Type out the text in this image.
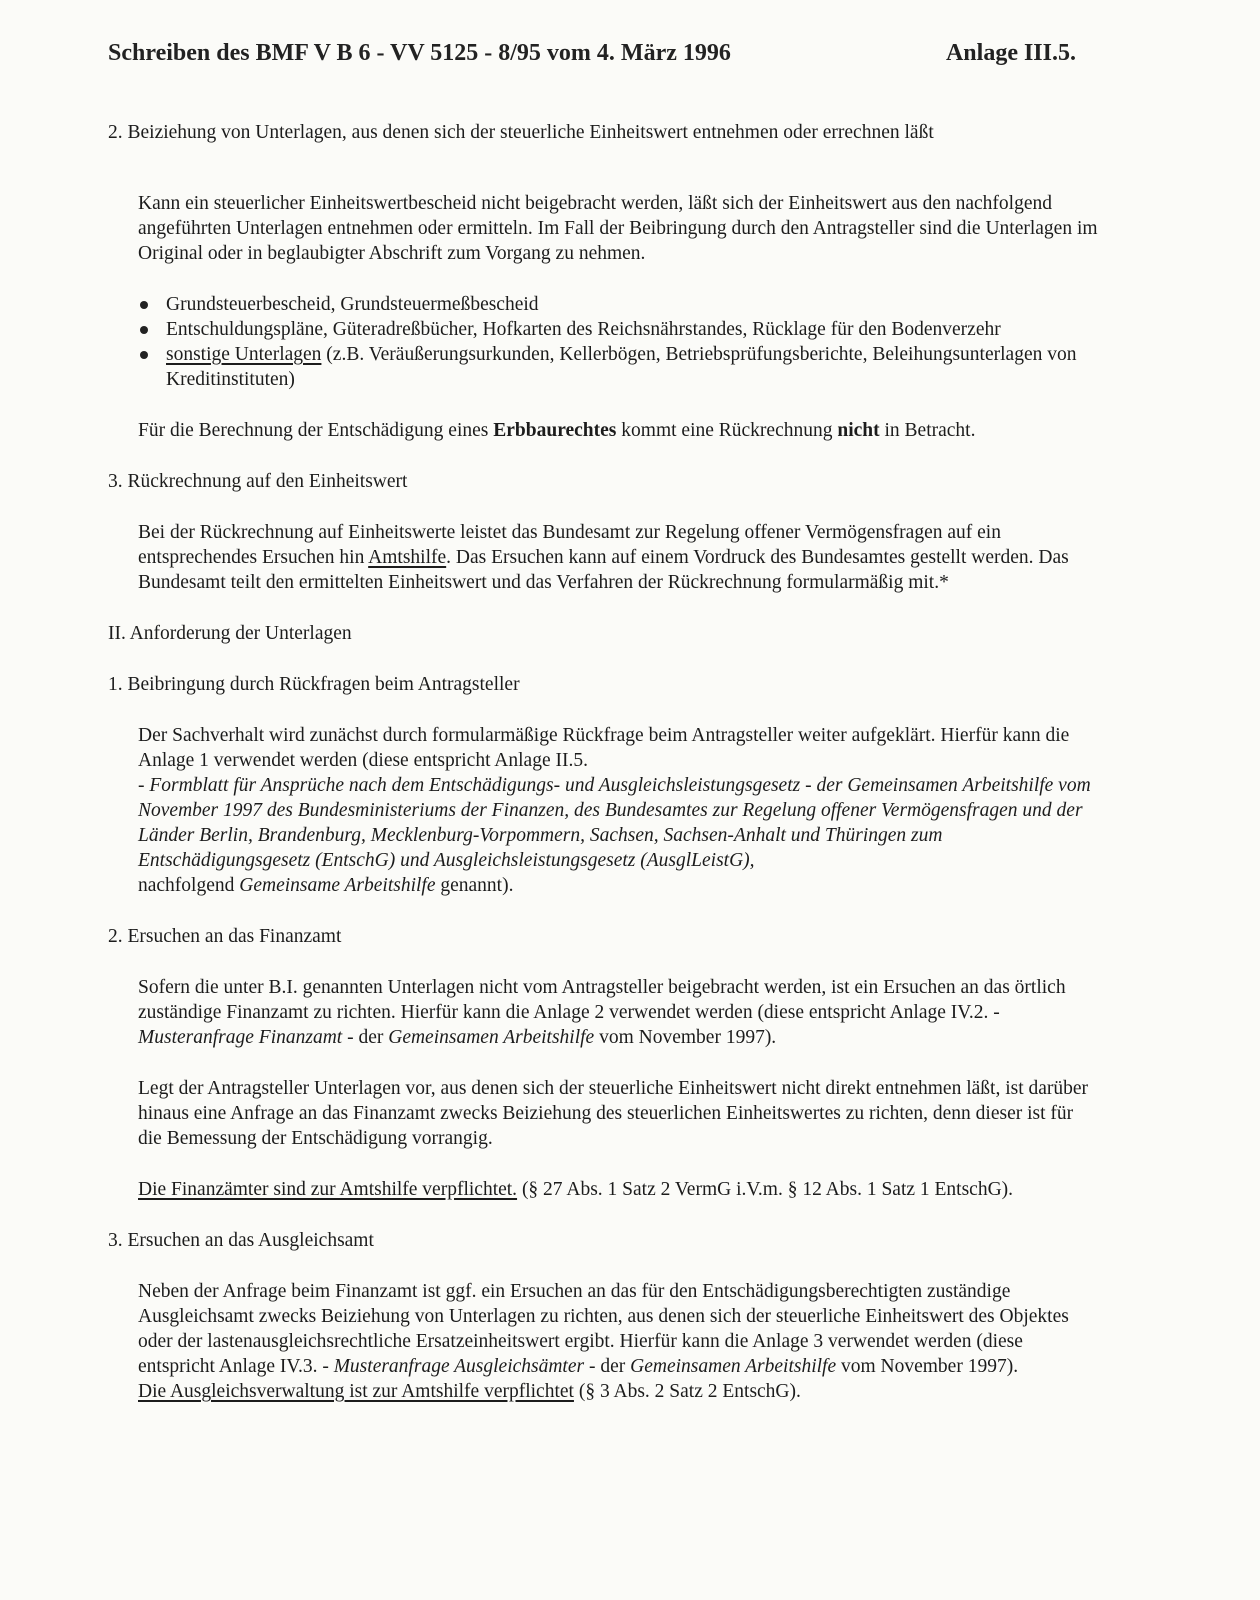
Schreiben des BMF V B 6 - VV 5125 - 8/95 vom 4. März 1996	Anlage III.5.

2. Beiziehung von Unterlagen, aus denen sich der steuerliche Einheitswert entnehmen oder errechnen läßt

Kann ein steuerlicher Einheitswertbescheid nicht beigebracht werden, läßt sich der Einheitswert aus den nachfolgend angeführten Unterlagen entnehmen oder ermitteln. Im Fall der Beibringung durch den Antragsteller sind die Unterlagen im Original oder in beglaubigter Abschrift zum Vorgang zu nehmen.

Grundsteuerbescheid, Grundsteuermeßbescheid
Entschuldungspläne, Güteradreßbücher, Hofkarten des Reichsnährstandes, Rücklage für den Bodenverzehr
sonstige Unterlagen (z.B. Veräußerungsurkunden, Kellerbögen, Betriebsprüfungsberichte, Beleihungsunterlagen von Kreditinstituten)

Für die Berechnung der Entschädigung eines Erbbaurechtes kommt eine Rückrechnung nicht in Betracht.

3. Rückrechnung auf den Einheitswert

Bei der Rückrechnung auf Einheitswerte leistet das Bundesamt zur Regelung offener Vermögensfragen auf ein entsprechendes Ersuchen hin Amtshilfe. Das Ersuchen kann auf einem Vordruck des Bundesamtes gestellt werden. Das Bundesamt teilt den ermittelten Einheitswert und das Verfahren der Rückrechnung formularmäßig mit.*

II. Anforderung der Unterlagen

1. Beibringung durch Rückfragen beim Antragsteller

Der Sachverhalt wird zunächst durch formularmäßige Rückfrage beim Antragsteller weiter aufgeklärt. Hierfür kann die Anlage 1 verwendet werden (diese entspricht Anlage II.5.
- Formblatt für Ansprüche nach dem Entschädigungs- und Ausgleichsleistungsgesetz - der Gemeinsamen Arbeitshilfe vom November 1997 des Bundesministeriums der Finanzen, des Bundesamtes zur Regelung offener Vermögensfragen und der Länder Berlin, Brandenburg, Mecklenburg-Vorpommern, Sachsen, Sachsen-Anhalt und Thüringen zum Entschädigungsgesetz (EntschG) und Ausgleichsleistungsgesetz (AusglLeistG),
nachfolgend Gemeinsame Arbeitshilfe genannt).

2. Ersuchen an das Finanzamt

Sofern die unter B.I. genannten Unterlagen nicht vom Antragsteller beigebracht werden, ist ein Ersuchen an das örtlich zuständige Finanzamt zu richten. Hierfür kann die Anlage 2 verwendet werden (diese entspricht Anlage IV.2. - Musteranfrage Finanzamt - der Gemeinsamen Arbeitshilfe vom November 1997).

Legt der Antragsteller Unterlagen vor, aus denen sich der steuerliche Einheitswert nicht direkt entnehmen läßt, ist darüber hinaus eine Anfrage an das Finanzamt zwecks Beiziehung des steuerlichen Einheitswertes zu richten, denn dieser ist für die Bemessung der Entschädigung vorrangig.

Die Finanzämter sind zur Amtshilfe verpflichtet. (§ 27 Abs. 1 Satz 2 VermG i.V.m. § 12 Abs. 1 Satz 1 EntschG).

3. Ersuchen an das Ausgleichsamt

Neben der Anfrage beim Finanzamt ist ggf. ein Ersuchen an das für den Entschädigungsberechtigten zuständige Ausgleichsamt zwecks Beiziehung von Unterlagen zu richten, aus denen sich der steuerliche Einheitswert des Objektes oder der lastenausgleichsrechtliche Ersatzeinheitswert ergibt. Hierfür kann die Anlage 3 verwendet werden (diese entspricht Anlage IV.3. - Musteranfrage Ausgleichsämter - der Gemeinsamen Arbeitshilfe vom November 1997).
Die Ausgleichsverwaltung ist zur Amtshilfe verpflichtet (§ 3 Abs. 2 Satz 2 EntschG).
